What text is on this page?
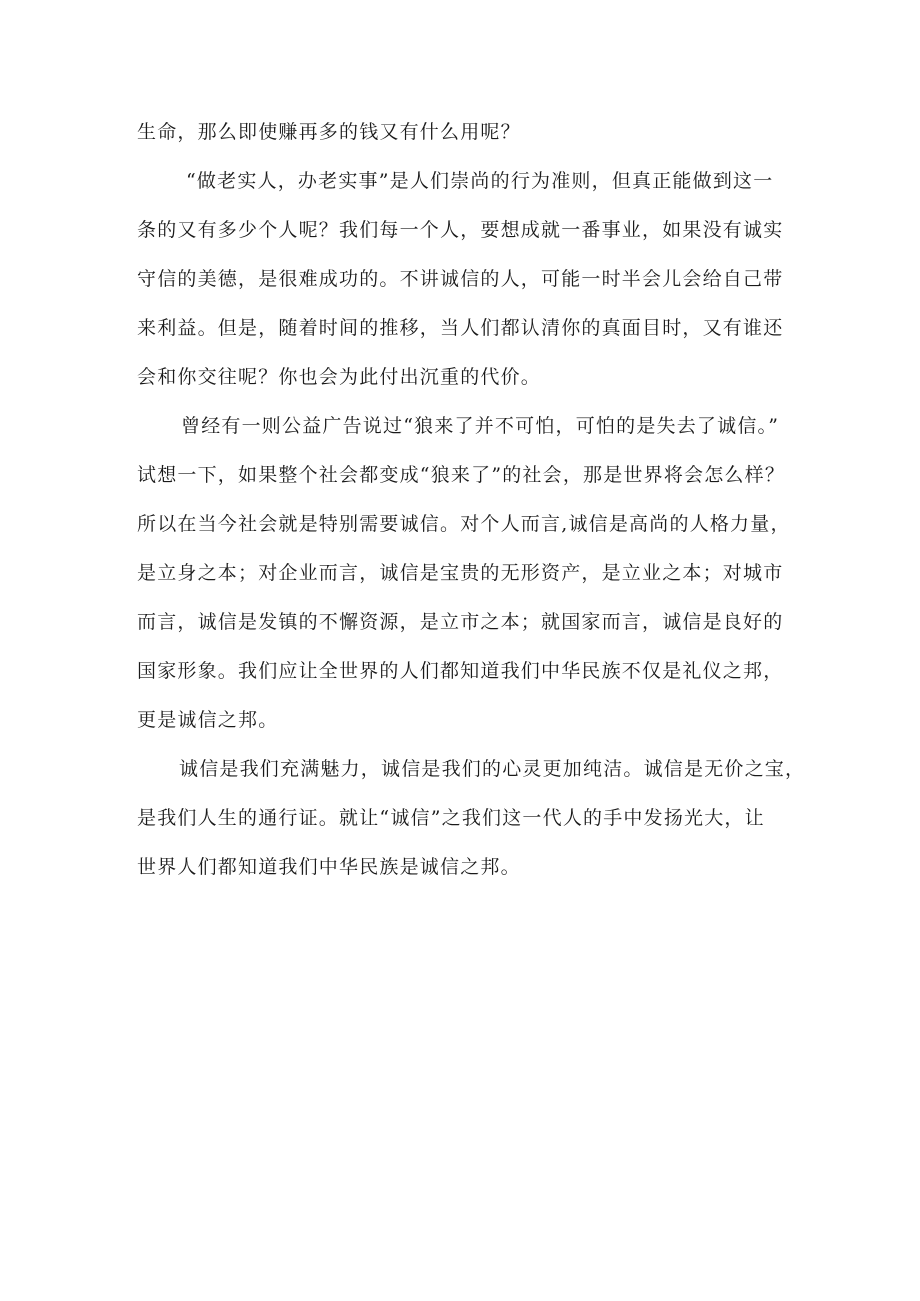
生命，那么即使赚再多的钱又有什么用呢？
“做老实人，办老实事”是人们崇尚的行为准则，但真正能做到这一
条的又有多少个人呢？我们每一个人，要想成就一番事业，如果没有诚实
守信的美德，是很难成功的。不讲诚信的人，可能一时半会儿会给自己带
来利益。但是，随着时间的推移，当人们都认清你的真面目时，又有谁还
会和你交往呢？你也会为此付出沉重的代价。
曾经有一则公益广告说过“狼来了并不可怕，可怕的是失去了诚信。”
试想一下，如果整个社会都变成“狼来了”的社会，那是世界将会怎么样？
所以在当今社会就是特别需要诚信。对个人而言,诚信是高尚的人格力量，
是立身之本；对企业而言，诚信是宝贵的无形资产，是立业之本；对城市
而言，诚信是发镇的不懈资源，是立市之本；就国家而言，诚信是良好的
国家形象。我们应让全世界的人们都知道我们中华民族不仅是礼仪之邦，
更是诚信之邦。
诚信是我们充满魅力，诚信是我们的心灵更加纯洁。诚信是无价之宝，
是我们人生的通行证。就让“诚信”之我们这一代人的手中发扬光大，让
世界人们都知道我们中华民族是诚信之邦。
